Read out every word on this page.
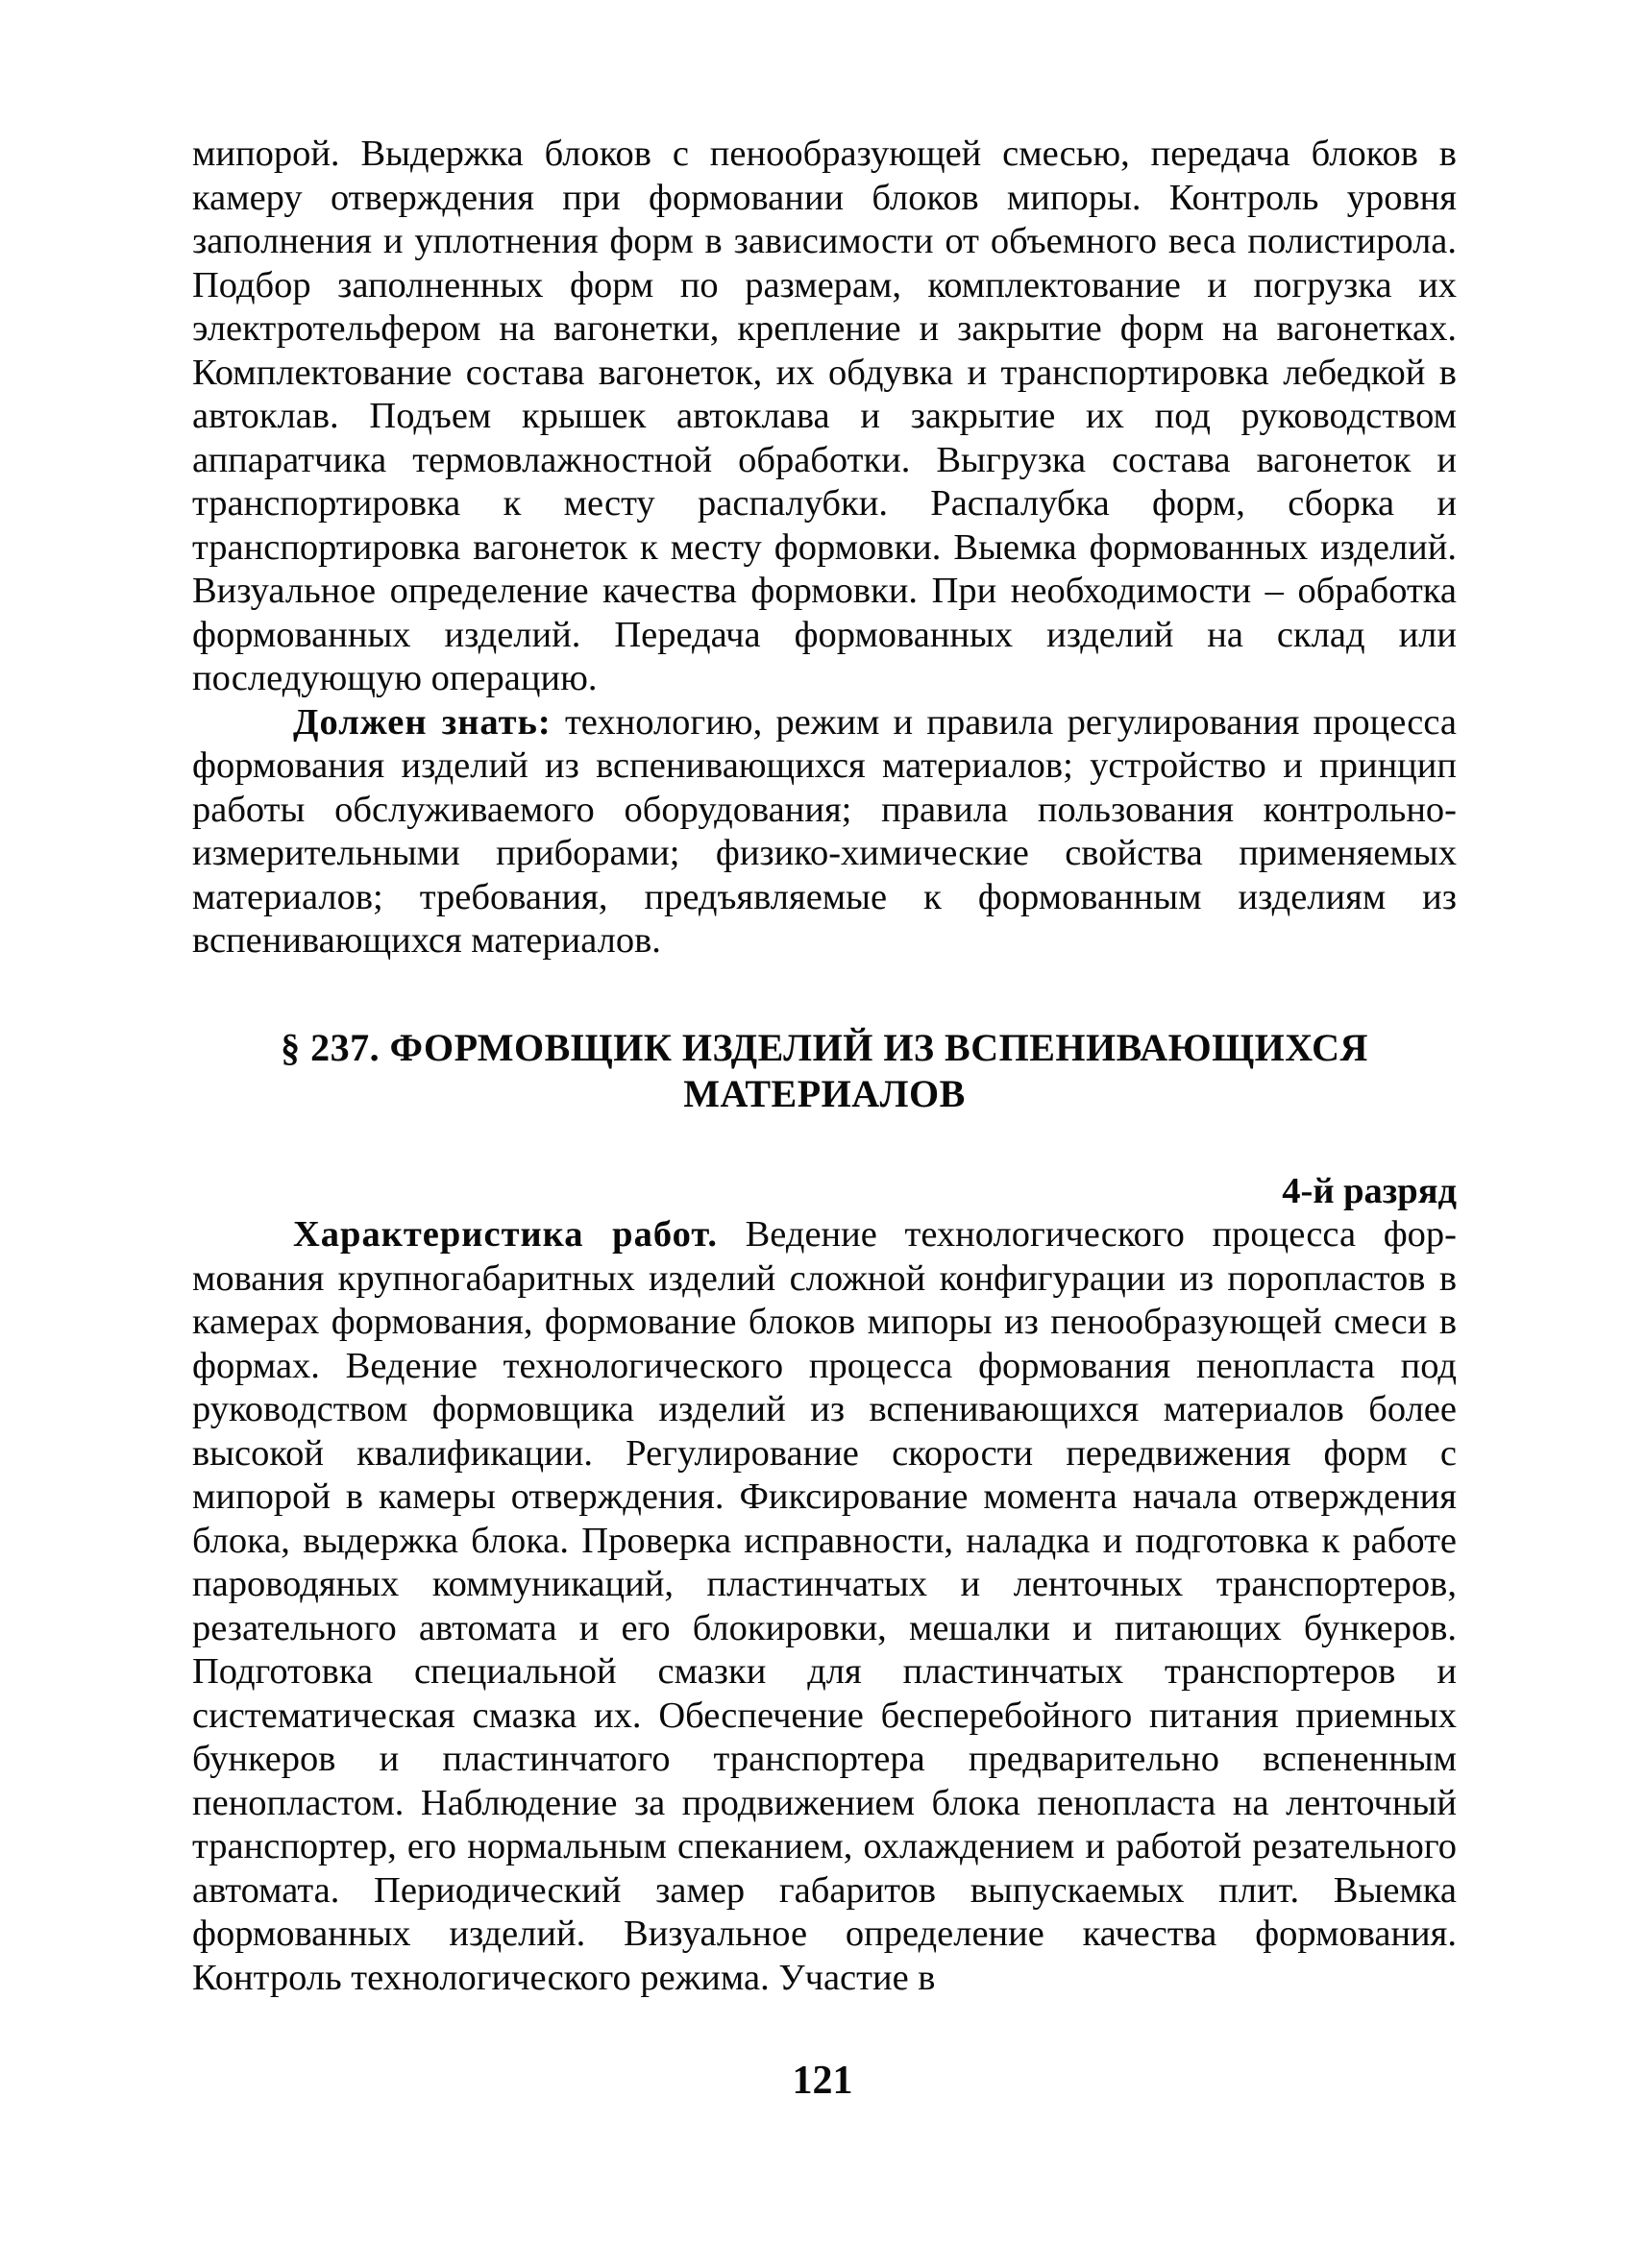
мипорой. Выдержка блоков с пенообразующей смесью, передача блоков в камеру отверждения при формовании блоков мипоры. Контроль уровня заполнения и уплотнения форм в зависимости от объемного веса полистирола. Подбор заполненных форм по размерам, комплектование и погрузка их электротельфером на вагонетки, крепление и закрытие форм на вагонетках. Комплектование состава вагонеток, их обдувка и транспортировка лебедкой в автоклав. Подъем крышек автоклава и закрытие их под руководством аппаратчика термовлажностной обработки. Выгрузка состава вагонеток и транспортировка к месту распалубки. Распалубка форм, сборка и транспортировка вагонеток к месту формовки. Выемка формованных изделий. Визуальное определение качества формовки. При необходимости – обработка формованных изделий. Передача формованных изделий на склад или последующую операцию.

Должен знать: технологию, режим и правила регулирования процесса формования изделий из вспенивающихся материалов; устройство и принцип работы обслуживаемого оборудования; правила пользования контрольно-измерительными приборами; физико-химические свойства применяемых материалов; требования, предъявляемые к формованным изделиям из вспенивающихся материалов.

§ 237. ФОРМОВЩИК ИЗДЕЛИЙ ИЗ ВСПЕНИВАЮЩИХСЯ
МАТЕРИАЛОВ

4-й разряд

Характеристика работ. Ведение технологического процесса формования крупногабаритных изделий сложной конфигурации из поропластов в камерах формования, формование блоков мипоры из пенообразующей смеси в формах. Ведение технологического процесса формования пенопласта под руководством формовщика изделий из вспенивающихся материалов более высокой квалификации. Регулирование скорости передвижения форм с мипорой в камеры отверждения. Фиксирование момента начала отверждения блока, выдержка блока. Проверка исправности, наладка и подготовка к работе пароводяных коммуникаций, пластинчатых и ленточных транспортеров, резательного автомата и его блокировки, мешалки и питающих бункеров. Подготовка специальной смазки для пластинчатых транспортеров и систематическая смазка их. Обеспечение бесперебойного питания приемных бункеров и пластинчатого транспортера предварительно вспененным пенопластом. Наблюдение за продвижением блока пенопласта на ленточный транспортер, его нормальным спеканием, охлаждением и работой резательного автомата. Периодический замер габаритов выпускаемых плит. Выемка формованных изделий. Визуальное определение качества формования. Контроль технологического режима. Участие в

121
